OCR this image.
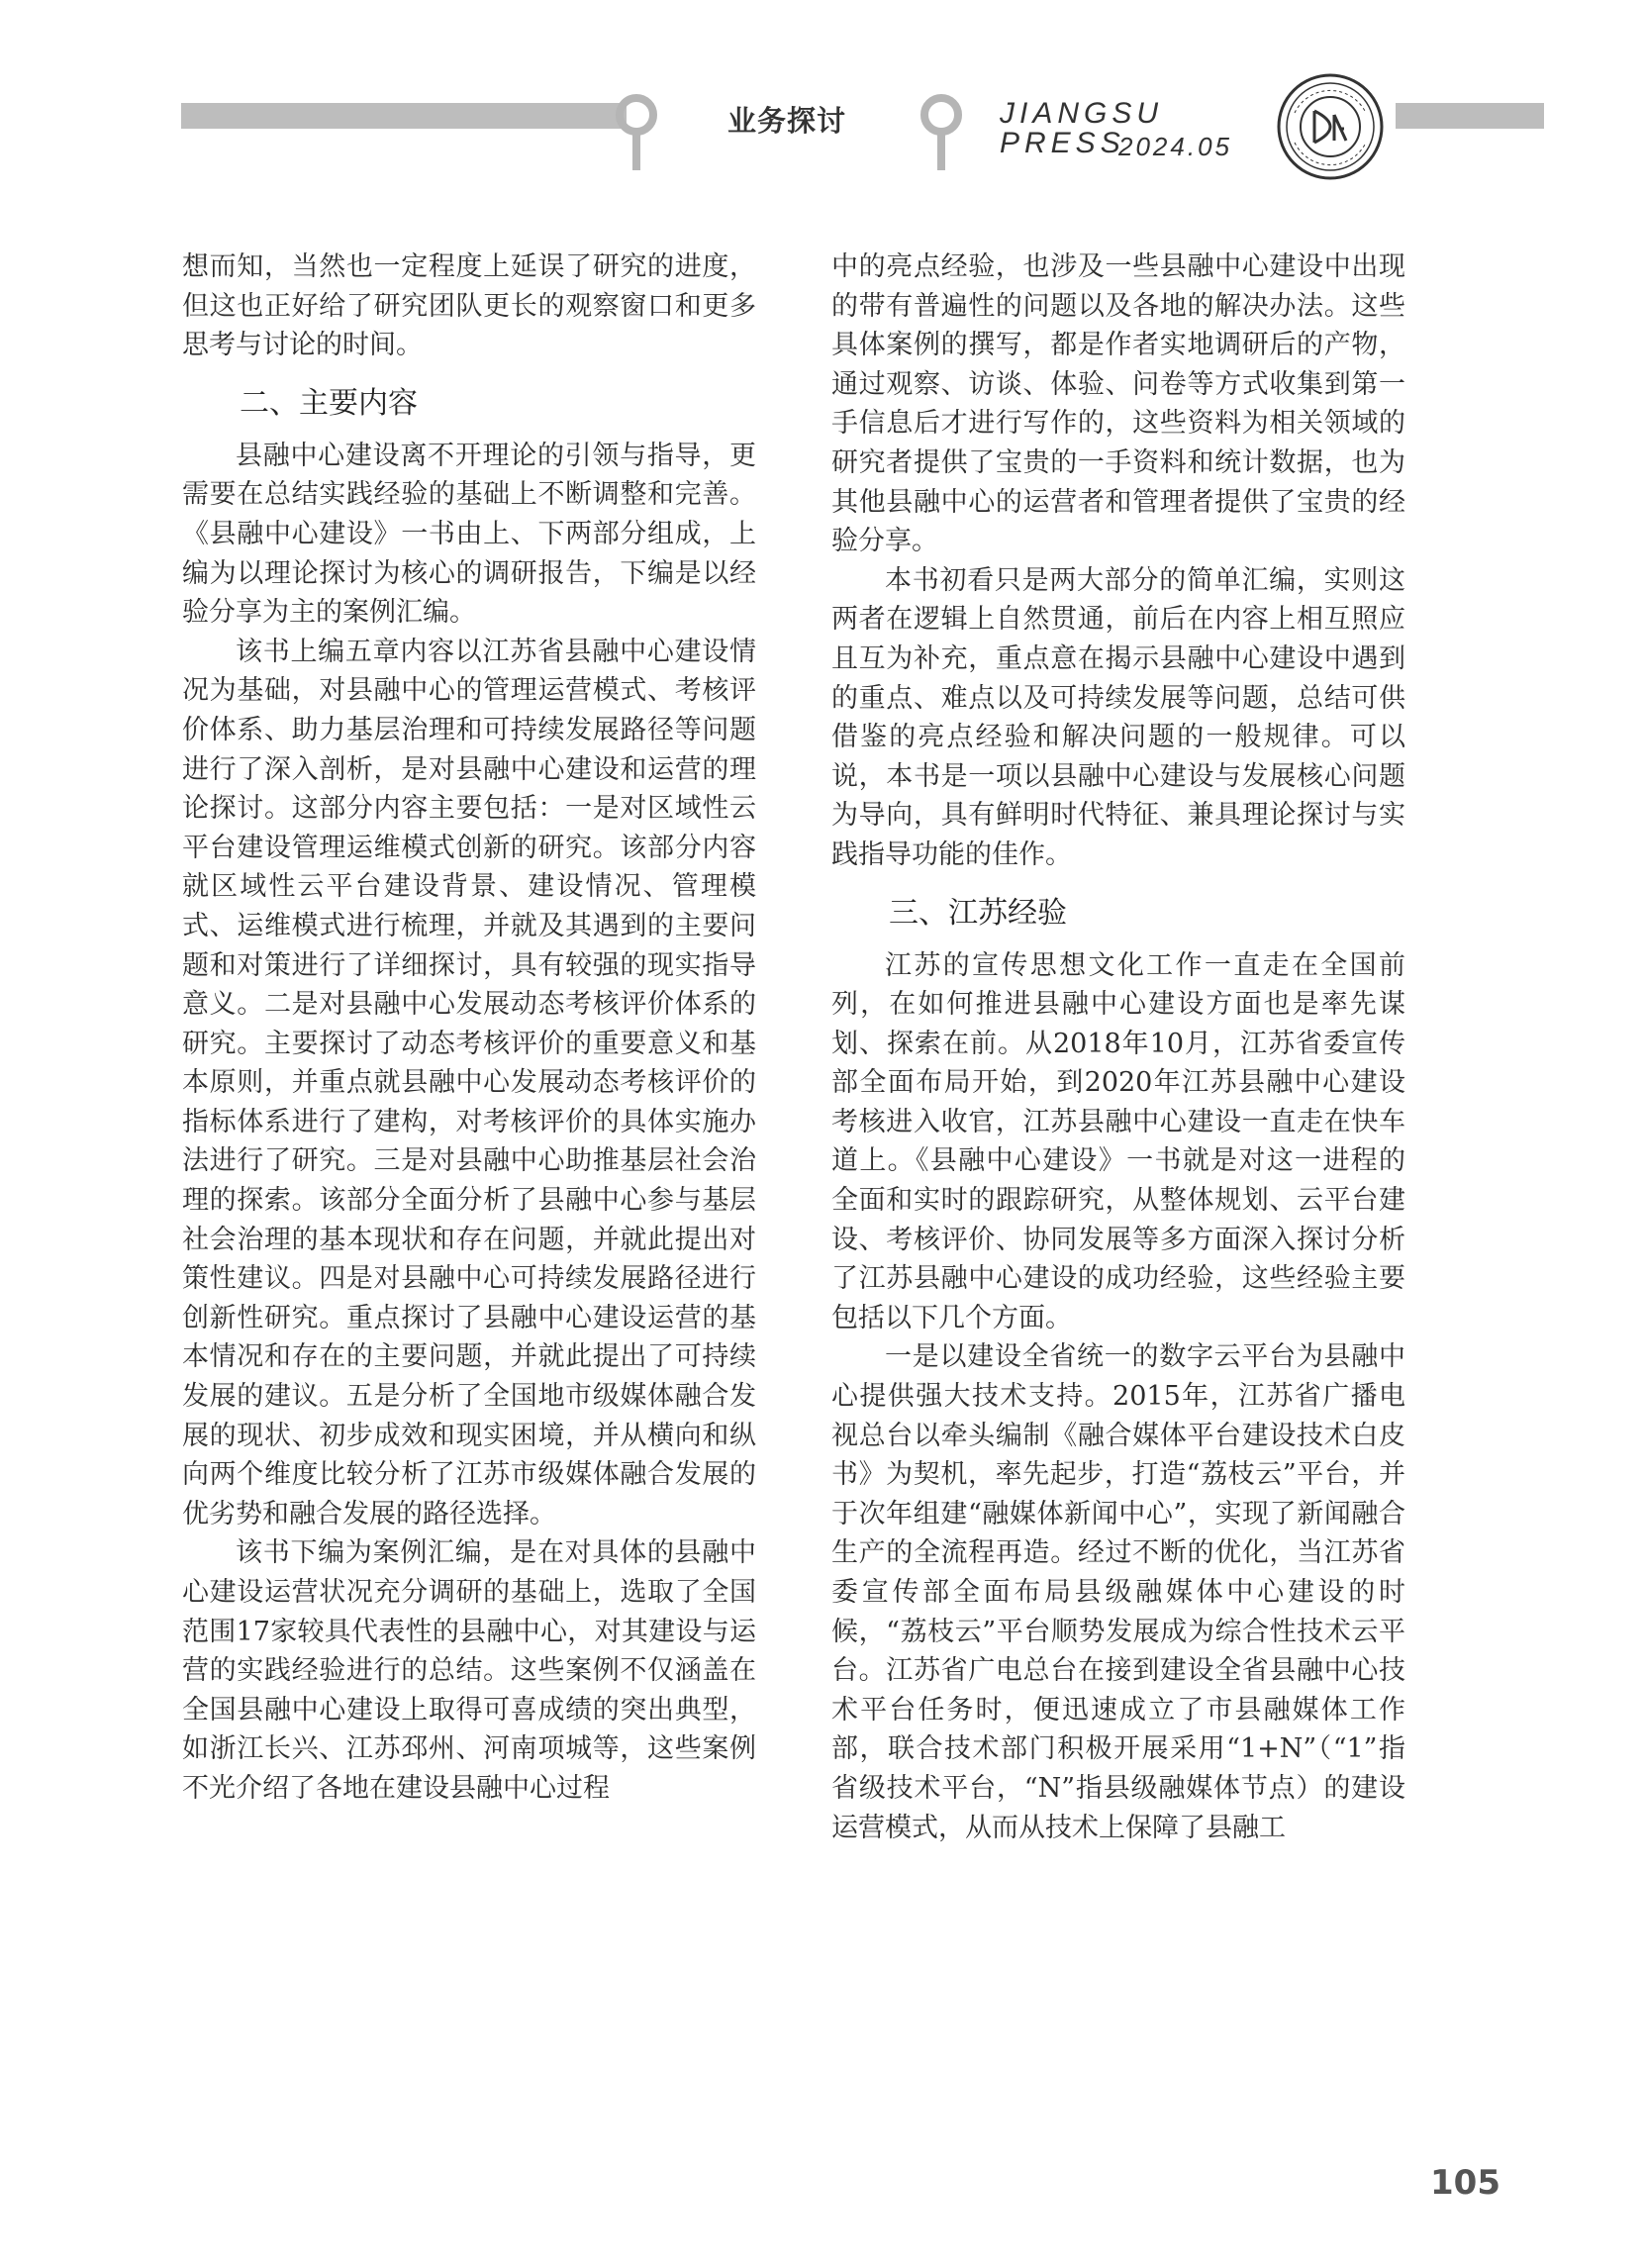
业务探讨	JIANGSU PRESS
2024.05

想而知，当然也一定程度上延误了研究的进度，但这也正好给了研究团队更长的观察窗口和更多思考与讨论的时间。

二、主要内容

县融中心建设离不开理论的引领与指导，更需要在总结实践经验的基础上不断调整和完善。《县融中心建设》一书由上、下两部分组成，上编为以理论探讨为核心的调研报告，下编是以经验分享为主的案例汇编。

该书上编五章内容以江苏省县融中心建设情况为基础，对县融中心的管理运营模式、考核评价体系、助力基层治理和可持续发展路径等问题进行了深入剖析，是对县融中心建设和运营的理论探讨。这部分内容主要包括：一是对区域性云平台建设管理运维模式创新的研究。该部分内容就区域性云平台建设背景、建设情况、管理模式、运维模式进行梳理，并就及其遇到的主要问题和对策进行了详细探讨，具有较强的现实指导意义。二是对县融中心发展动态考核评价体系的研究。主要探讨了动态考核评价的重要意义和基本原则，并重点就县融中心发展动态考核评价的指标体系进行了建构，对考核评价的具体实施办法进行了研究。三是对县融中心助推基层社会治理的探索。该部分全面分析了县融中心参与基层社会治理的基本现状和存在问题，并就此提出对策性建议。四是对县融中心可持续发展路径进行创新性研究。重点探讨了县融中心建设运营的基本情况和存在的主要问题，并就此提出了可持续发展的建议。五是分析了全国地市级媒体融合发展的现状、初步成效和现实困境，并从横向和纵向两个维度比较分析了江苏市级媒体融合发展的优劣势和融合发展的路径选择。

该书下编为案例汇编，是在对具体的县融中心建设运营状况充分调研的基础上，选取了全国范围17家较具代表性的县融中心，对其建设与运营的实践经验进行的总结。这些案例不仅涵盖在全国县融中心建设上取得可喜成绩的突出典型，如浙江长兴、江苏邳州、河南项城等，这些案例不光介绍了各地在建设县融中心过程

中的亮点经验，也涉及一些县融中心建设中出现的带有普遍性的问题以及各地的解决办法。这些具体案例的撰写，都是作者实地调研后的产物，通过观察、访谈、体验、问卷等方式收集到第一手信息后才进行写作的，这些资料为相关领域的研究者提供了宝贵的一手资料和统计数据，也为其他县融中心的运营者和管理者提供了宝贵的经验分享。

本书初看只是两大部分的简单汇编，实则这两者在逻辑上自然贯通，前后在内容上相互照应且互为补充，重点意在揭示县融中心建设中遇到的重点、难点以及可持续发展等问题，总结可供借鉴的亮点经验和解决问题的一般规律。可以说，本书是一项以县融中心建设与发展核心问题为导向，具有鲜明时代特征、兼具理论探讨与实践指导功能的佳作。

三、江苏经验

江苏的宣传思想文化工作一直走在全国前列，在如何推进县融中心建设方面也是率先谋划、探索在前。从2018年10月，江苏省委宣传部全面布局开始，到2020年江苏县融中心建设考核进入收官，江苏县融中心建设一直走在快车道上。《县融中心建设》一书就是对这一进程的全面和实时的跟踪研究，从整体规划、云平台建设、考核评价、协同发展等多方面深入探讨分析了江苏县融中心建设的成功经验，这些经验主要包括以下几个方面。

一是以建设全省统一的数字云平台为县融中心提供强大技术支持。2015年，江苏省广播电视总台以牵头编制《融合媒体平台建设技术白皮书》为契机，率先起步，打造“荔枝云”平台，并于次年组建“融媒体新闻中心”，实现了新闻融合生产的全流程再造。经过不断的优化，当江苏省委宣传部全面布局县级融媒体中心建设的时候，“荔枝云”平台顺势发展成为综合性技术云平台。江苏省广电总台在接到建设全省县融中心技术平台任务时，便迅速成立了市县融媒体工作部，联合技术部门积极开展采用“1+N”（“1”指省级技术平台，“N”指县级融媒体节点）的建设运营模式，从而从技术上保障了县融工

105
